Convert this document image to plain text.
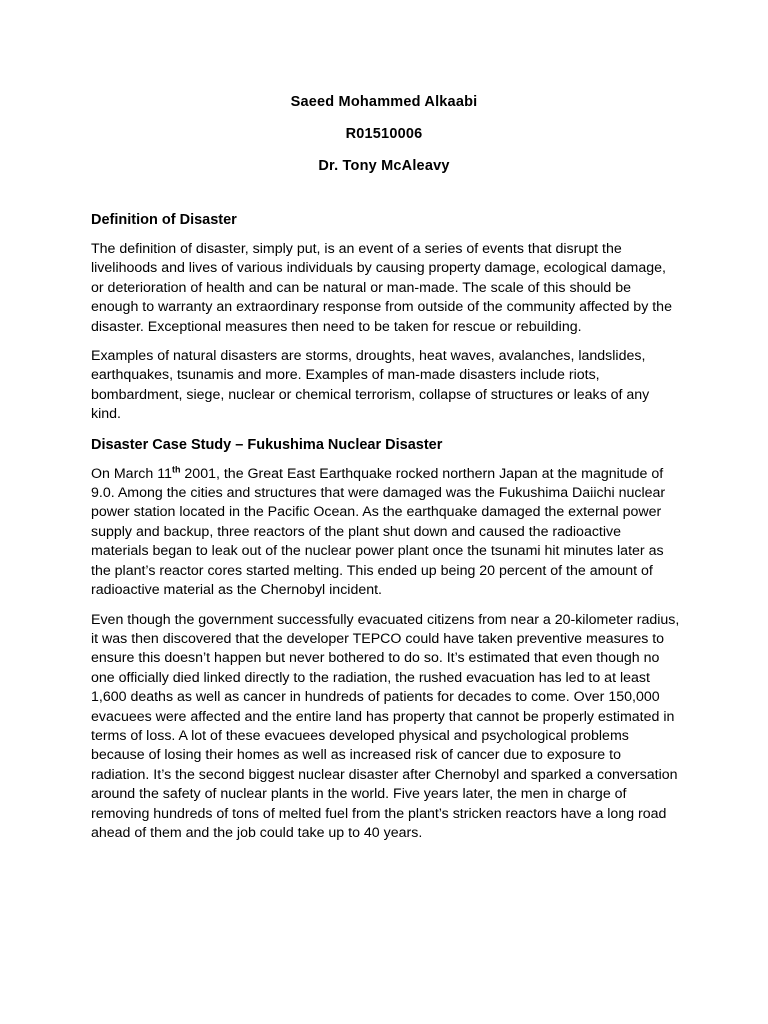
Saeed Mohammed Alkaabi
R01510006
Dr. Tony McAleavy
Definition of Disaster

The definition of disaster, simply put, is an event of a series of events that disrupt the livelihoods and lives of various individuals by causing property damage, ecological damage, or deterioration of health and can be natural or man-made. The scale of this should be enough to warranty an extraordinary response from outside of the community affected by the disaster. Exceptional measures then need to be taken for rescue or rebuilding.

Examples of natural disasters are storms, droughts, heat waves, avalanches, landslides, earthquakes, tsunamis and more. Examples of man-made disasters include riots, bombardment, siege, nuclear or chemical terrorism, collapse of structures or leaks of any kind.

Disaster Case Study – Fukushima Nuclear Disaster

On March 11th 2001, the Great East Earthquake rocked northern Japan at the magnitude of 9.0. Among the cities and structures that were damaged was the Fukushima Daiichi nuclear power station located in the Pacific Ocean. As the earthquake damaged the external power supply and backup, three reactors of the plant shut down and caused the radioactive materials began to leak out of the nuclear power plant once the tsunami hit minutes later as the plant’s reactor cores started melting. This ended up being 20 percent of the amount of radioactive material as the Chernobyl incident.

Even though the government successfully evacuated citizens from near a 20-kilometer radius, it was then discovered that the developer TEPCO could have taken preventive measures to ensure this doesn’t happen but never bothered to do so. It’s estimated that even though no one officially died linked directly to the radiation, the rushed evacuation has led to at least 1,600 deaths as well as cancer in hundreds of patients for decades to come. Over 150,000 evacuees were affected and the entire land has property that cannot be properly estimated in terms of loss. A lot of these evacuees developed physical and psychological problems because of losing their homes as well as increased risk of cancer due to exposure to radiation. It’s the second biggest nuclear disaster after Chernobyl and sparked a conversation around the safety of nuclear plants in the world. Five years later, the men in charge of removing hundreds of tons of melted fuel from the plant’s stricken reactors have a long road ahead of them and the job could take up to 40 years.
